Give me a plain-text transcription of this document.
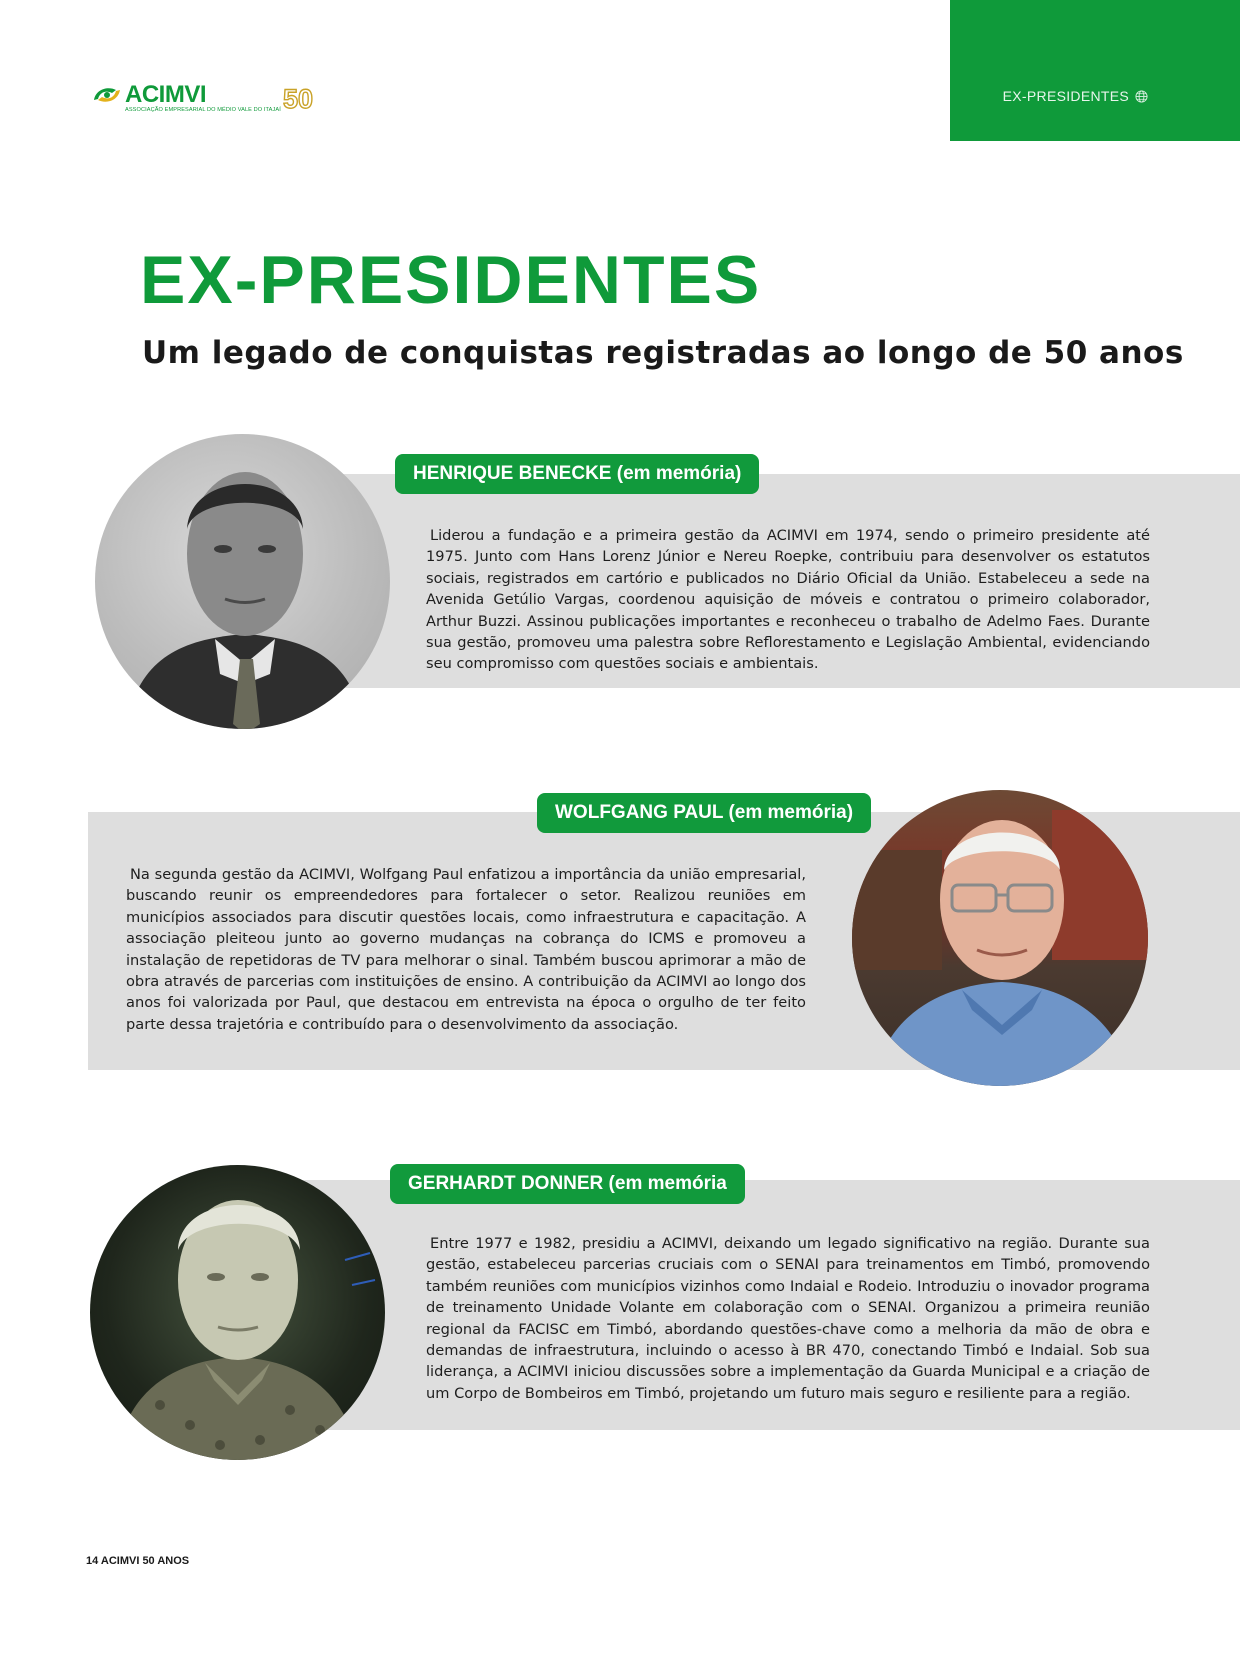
EX-PRESIDENTES
ACIMVI
ASSOCIAÇÃO EMPRESARIAL DO MÉDIO VALE DO ITAJAÍ 50
EX-PRESIDENTES

Um legado de conquistas registradas ao longo de 50 anos

HENRIQUE BENECKE (em memória)

Liderou a fundação e a primeira gestão da ACIMVI em 1974, sendo o primeiro presidente até 1975. Junto com Hans Lorenz Júnior e Nereu Roepke, contribuiu para desenvolver os estatutos sociais, registrados em cartório e publicados no Diário Oficial da União. Estabeleceu a sede na Avenida Getúlio Vargas, coordenou aquisição de móveis e contratou o primeiro colaborador, Arthur Buzzi. Assinou publicações importantes e reconheceu o trabalho de Adelmo Faes. Durante sua gestão, promoveu uma palestra sobre Reflorestamento e Legislação Ambiental, evidenciando seu compromisso com questões sociais e ambientais.

WOLFGANG PAUL (em memória)

Na segunda gestão da ACIMVI, Wolfgang Paul enfatizou a importância da união empresarial, buscando reunir os empreendedores para fortalecer o setor. Realizou reuniões em municípios associados para discutir questões locais, como infraestrutura e capacitação. A associação pleiteou junto ao governo mudanças na cobrança do ICMS e promoveu a instalação de repetidoras de TV para melhorar o sinal. Também buscou aprimorar a mão de obra através de parcerias com instituições de ensino. A contribuição da ACIMVI ao longo dos anos foi valorizada por Paul, que destacou em entrevista na época o orgulho de ter feito parte dessa trajetória e contribuído para o desenvolvimento da associação.

GERHARDT DONNER (em memória

Entre 1977 e 1982, presidiu a ACIMVI, deixando um legado significativo na região. Durante sua gestão, estabeleceu parcerias cruciais com o SENAI para treinamentos em Timbó, promovendo também reuniões com municípios vizinhos como Indaial e Rodeio. Introduziu o inovador programa de treinamento Unidade Volante em colaboração com o SENAI. Organizou a primeira reunião regional da FACISC em Timbó, abordando questões-chave como a melhoria da mão de obra e demandas de infraestrutura, incluindo o acesso à BR 470, conectando Timbó e Indaial. Sob sua liderança, a ACIMVI iniciou discussões sobre a implementação da Guarda Municipal e a criação de um Corpo de Bombeiros em Timbó, projetando um futuro mais seguro e resiliente para a região.

14 ACIMVI 50 ANOS
